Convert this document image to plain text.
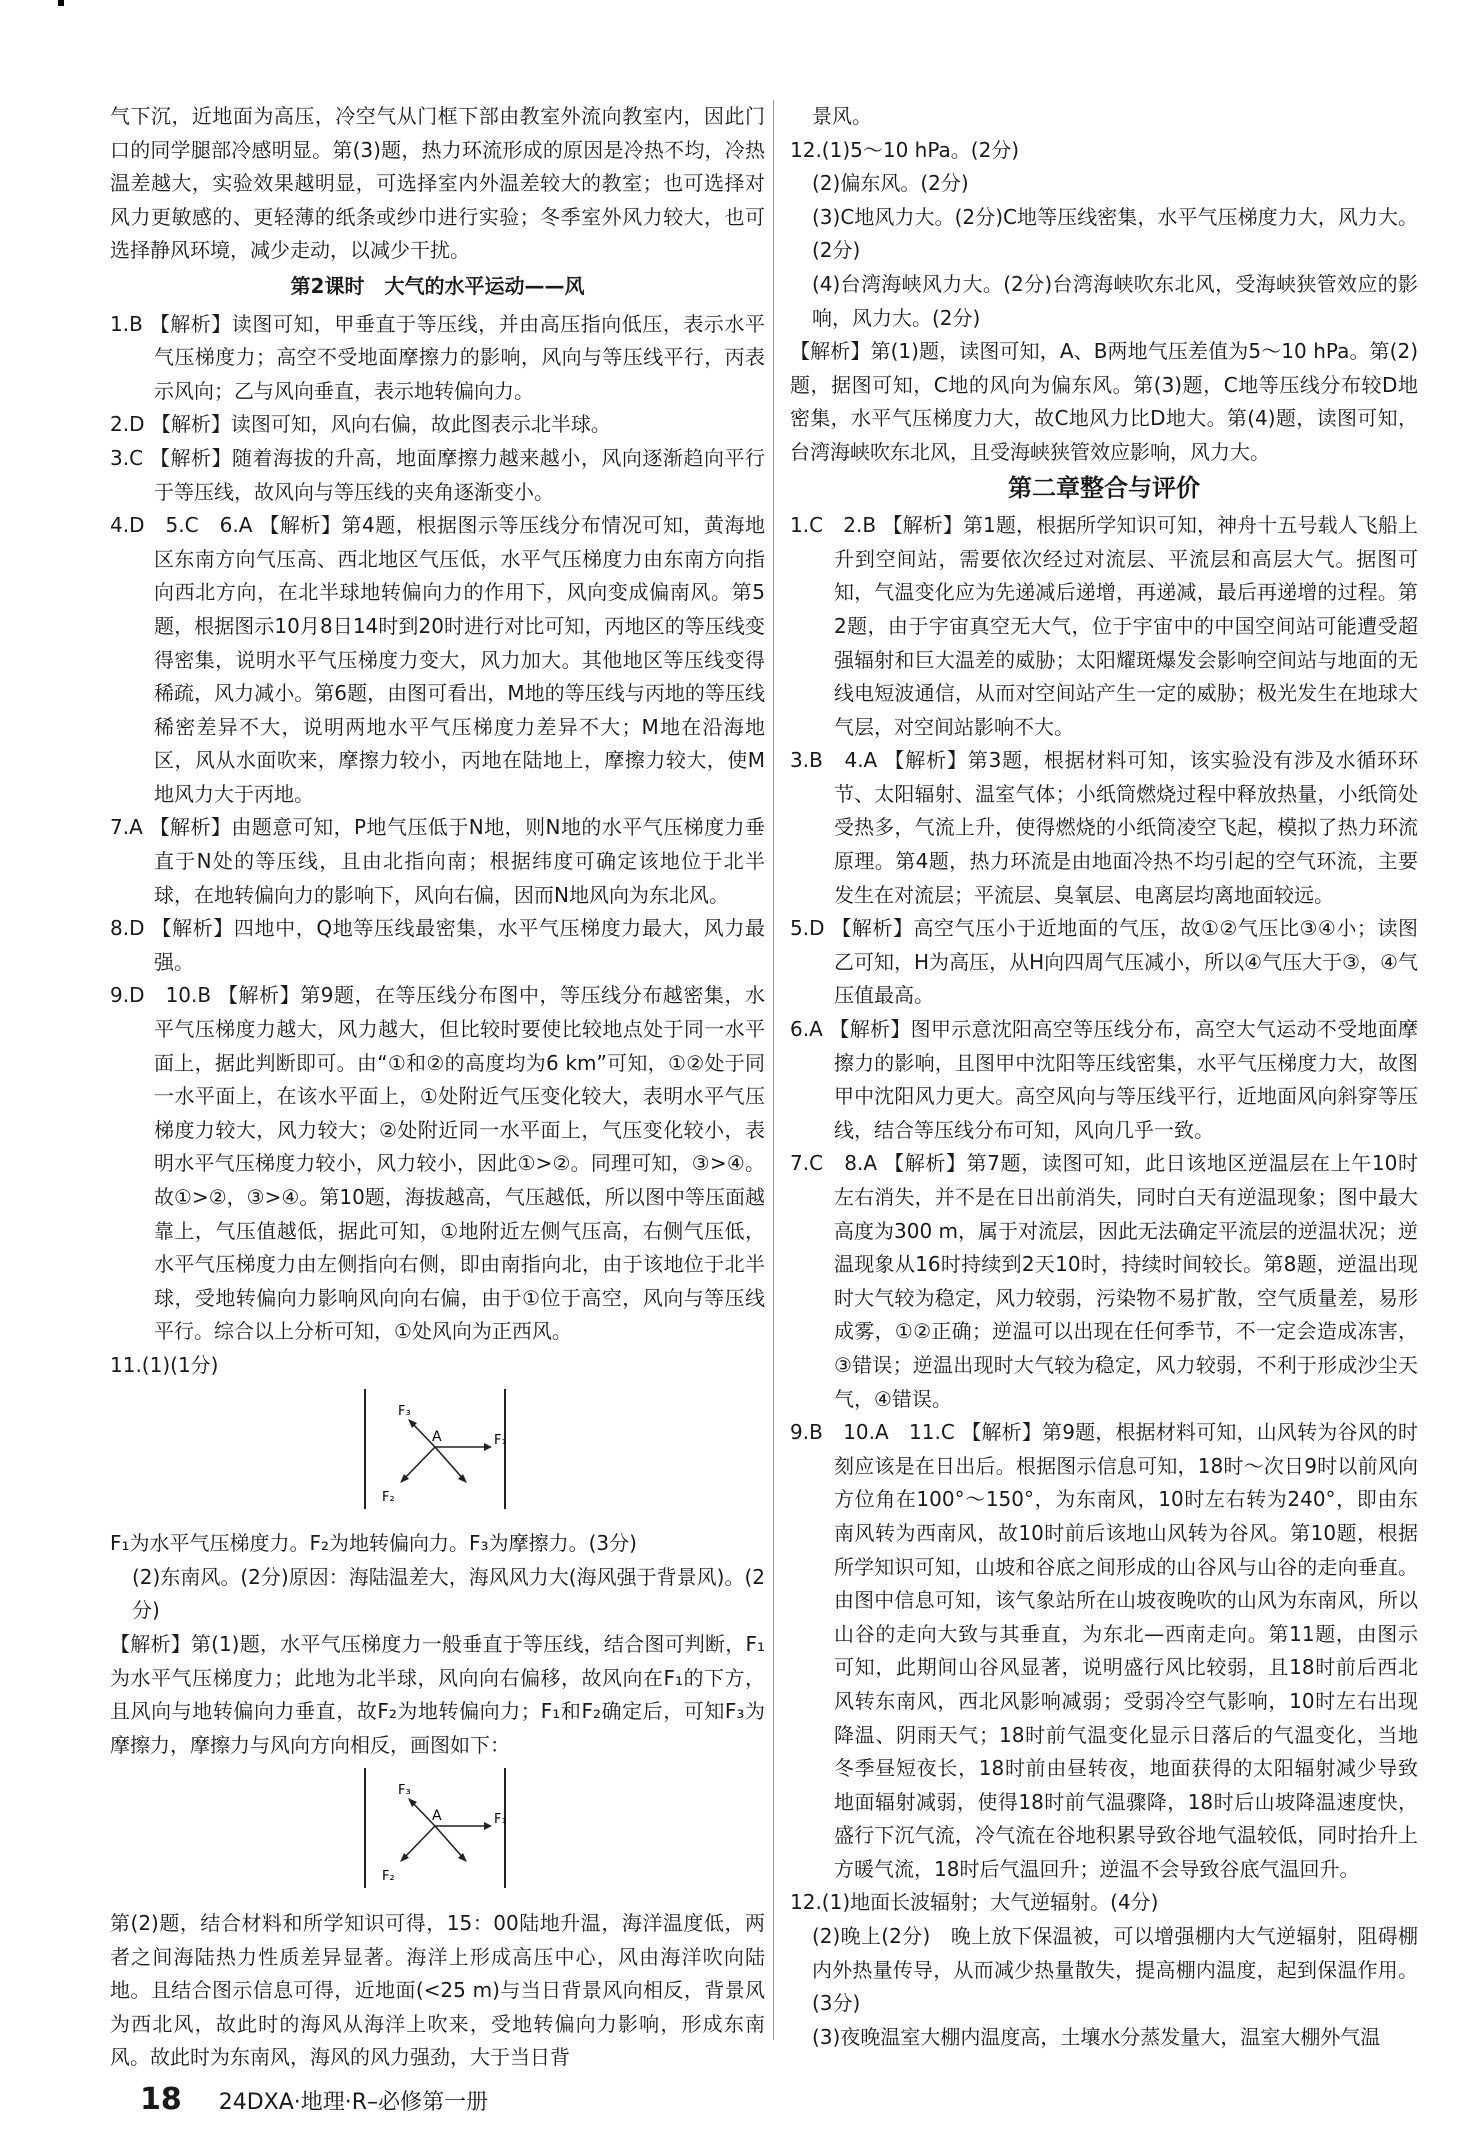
气下沉，近地面为高压，冷空气从门框下部由教室外流向教室内，因此门口的同学腿部冷感明显。第(3)题，热力环流形成的原因是冷热不均，冷热温差越大，实验效果越明显，可选择室内外温差较大的教室；也可选择对风力更敏感的、更轻薄的纸条或纱巾进行实验；冬季室外风力较大，也可选择静风环境，减少走动，以减少干扰。

第2课时　大气的水平运动——风

1.B 【解析】读图可知，甲垂直于等压线，并由高压指向低压，表示水平气压梯度力；高空不受地面摩擦力的影响，风向与等压线平行，丙表示风向；乙与风向垂直，表示地转偏向力。

2.D 【解析】读图可知，风向右偏，故此图表示北半球。

3.C 【解析】随着海拔的升高，地面摩擦力越来越小，风向逐渐趋向平行于等压线，故风向与等压线的夹角逐渐变小。

4.D　5.C　6.A 【解析】第4题，根据图示等压线分布情况可知，黄海地区东南方向气压高、西北地区气压低，水平气压梯度力由东南方向指向西北方向，在北半球地转偏向力的作用下，风向变成偏南风。第5题，根据图示10月8日14时到20时进行对比可知，丙地区的等压线变得密集，说明水平气压梯度力变大，风力加大。其他地区等压线变得稀疏，风力减小。第6题，由图可看出，M地的等压线与丙地的等压线稀密差异不大，说明两地水平气压梯度力差异不大；M地在沿海地区，风从水面吹来，摩擦力较小，丙地在陆地上，摩擦力较大，使M地风力大于丙地。

7.A 【解析】由题意可知，P地气压低于N地，则N地的水平气压梯度力垂直于N处的等压线，且由北指向南；根据纬度可确定该地位于北半球，在地转偏向力的影响下，风向右偏，因而N地风向为东北风。

8.D 【解析】四地中，Q地等压线最密集，水平气压梯度力最大，风力最强。

9.D　10.B 【解析】第9题，在等压线分布图中，等压线分布越密集，水平气压梯度力越大，风力越大，但比较时要使比较地点处于同一水平面上，据此判断即可。由“①和②的高度均为6 km”可知，①②处于同一水平面上，在该水平面上，①处附近气压变化较大，表明水平气压梯度力较大，风力较大；②处附近同一水平面上，气压变化较小，表明水平气压梯度力较小，风力较小，因此①>②。同理可知，③>④。故①>②，③>④。第10题，海拔越高，气压越低，所以图中等压面越靠上，气压值越低，据此可知，①地附近左侧气压高，右侧气压低，水平气压梯度力由左侧指向右侧，即由南指向北，由于该地位于北半球，受地转偏向力影响风向向右偏，由于①位于高空，风向与等压线平行。综合以上分析可知，①处风向为正西风。

11.(1)(1分)

A	F₁
F₂
F₃

F₁为水平气压梯度力。F₂为地转偏向力。F₃为摩擦力。(3分)

(2)东南风。(2分)原因：海陆温差大，海风风力大(海风强于背景风)。(2分)

【解析】第(1)题，水平气压梯度力一般垂直于等压线，结合图可判断，F₁为水平气压梯度力；此地为北半球，风向向右偏移，故风向在F₁的下方，且风向与地转偏向力垂直，故F₂为地转偏向力；F₁和F₂确定后，可知F₃为摩擦力，摩擦力与风向方向相反，画图如下：

A	F₁
F₂
F₃

第(2)题，结合材料和所学知识可得，15：00陆地升温，海洋温度低，两者之间海陆热力性质差异显著。海洋上形成高压中心，风由海洋吹向陆地。且结合图示信息可得，近地面(<25 m)与当日背景风向相反，背景风为西北风，故此时的海风从海洋上吹来，受地转偏向力影响，形成东南风。故此时为东南风，海风的风力强劲，大于当日背

景风。

12.(1)5～10 hPa。(2分)

(2)偏东风。(2分)

(3)C地风力大。(2分)C地等压线密集，水平气压梯度力大，风力大。(2分)

(4)台湾海峡风力大。(2分)台湾海峡吹东北风，受海峡狭管效应的影响，风力大。(2分)

【解析】第(1)题，读图可知，A、B两地气压差值为5～10 hPa。第(2)题，据图可知，C地的风向为偏东风。第(3)题，C地等压线分布较D地密集，水平气压梯度力大，故C地风力比D地大。第(4)题，读图可知，台湾海峡吹东北风，且受海峡狭管效应影响，风力大。

第二章整合与评价

1.C　2.B 【解析】第1题，根据所学知识可知，神舟十五号载人飞船上升到空间站，需要依次经过对流层、平流层和高层大气。据图可知，气温变化应为先递减后递增，再递减，最后再递增的过程。第2题，由于宇宙真空无大气，位于宇宙中的中国空间站可能遭受超强辐射和巨大温差的威胁；太阳耀斑爆发会影响空间站与地面的无线电短波通信，从而对空间站产生一定的威胁；极光发生在地球大气层，对空间站影响不大。

3.B　4.A 【解析】第3题，根据材料可知，该实验没有涉及水循环环节、太阳辐射、温室气体；小纸筒燃烧过程中释放热量，小纸筒处受热多，气流上升，使得燃烧的小纸筒凌空飞起，模拟了热力环流原理。第4题，热力环流是由地面冷热不均引起的空气环流，主要发生在对流层；平流层、臭氧层、电离层均离地面较远。

5.D 【解析】高空气压小于近地面的气压，故①②气压比③④小；读图乙可知，H为高压，从H向四周气压减小，所以④气压大于③，④气压值最高。

6.A 【解析】图甲示意沈阳高空等压线分布，高空大气运动不受地面摩擦力的影响，且图甲中沈阳等压线密集，水平气压梯度力大，故图甲中沈阳风力更大。高空风向与等压线平行，近地面风向斜穿等压线，结合等压线分布可知，风向几乎一致。

7.C　8.A 【解析】第7题，读图可知，此日该地区逆温层在上午10时左右消失，并不是在日出前消失，同时白天有逆温现象；图中最大高度为300 m，属于对流层，因此无法确定平流层的逆温状况；逆温现象从16时持续到2天10时，持续时间较长。第8题，逆温出现时大气较为稳定，风力较弱，污染物不易扩散，空气质量差，易形成雾，①②正确；逆温可以出现在任何季节，不一定会造成冻害，③错误；逆温出现时大气较为稳定，风力较弱，不利于形成沙尘天气，④错误。

9.B　10.A　11.C 【解析】第9题，根据材料可知，山风转为谷风的时刻应该是在日出后。根据图示信息可知，18时～次日9时以前风向方位角在100°～150°，为东南风，10时左右转为240°，即由东南风转为西南风，故10时前后该地山风转为谷风。第10题，根据所学知识可知，山坡和谷底之间形成的山谷风与山谷的走向垂直。由图中信息可知，该气象站所在山坡夜晚吹的山风为东南风，所以山谷的走向大致与其垂直，为东北—西南走向。第11题，由图示可知，此期间山谷风显著，说明盛行风比较弱，且18时前后西北风转东南风，西北风影响减弱；受弱冷空气影响，10时左右出现降温、阴雨天气；18时前气温变化显示日落后的气温变化，当地冬季昼短夜长，18时前由昼转夜，地面获得的太阳辐射减少导致地面辐射减弱，使得18时前气温骤降，18时后山坡降温速度快，盛行下沉气流，冷气流在谷地积累导致谷地气温较低，同时抬升上方暖气流，18时后气温回升；逆温不会导致谷底气温回升。

12.(1)地面长波辐射；大气逆辐射。(4分)

(2)晚上(2分)　晚上放下保温被，可以增强棚内大气逆辐射，阻碍棚内外热量传导，从而减少热量散失，提高棚内温度，起到保温作用。(3分)

(3)夜晚温室大棚内温度高，土壤水分蒸发量大，温室大棚外气温

18 24DXA·地理·R–必修第一册
